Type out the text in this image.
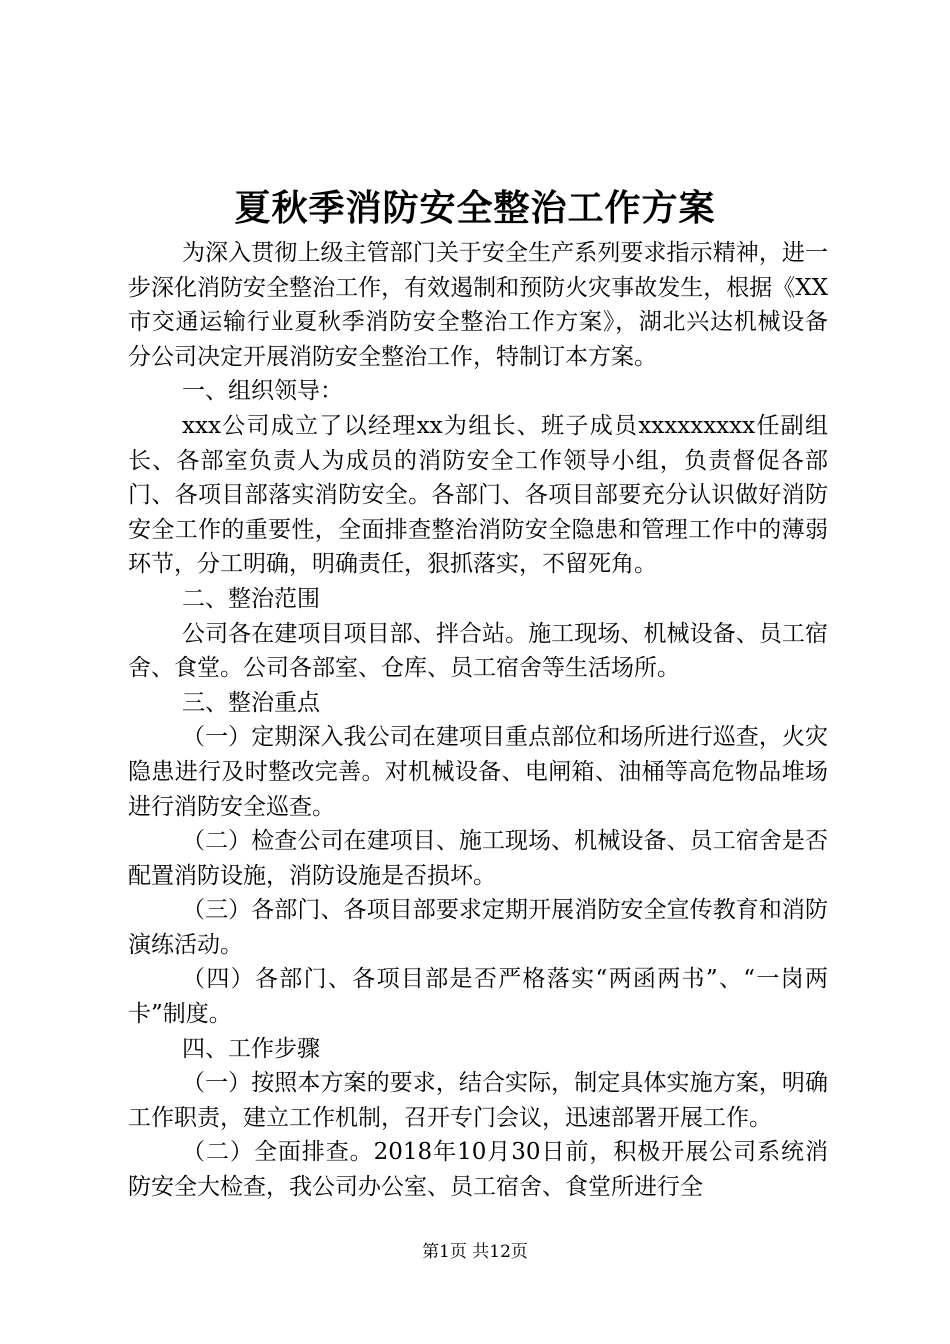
夏秋季消防安全整治工作方案

为深入贯彻上级主管部门关于安全生产系列要求指示精神，进一步深化消防安全整治工作，有效遏制和预防火灾事故发生，根据《XX市交通运输行业夏秋季消防安全整治工作方案》，湖北兴达机械设备分公司决定开展消防安全整治工作，特制订本方案。

一、组织领导：

xxx公司成立了以经理xx为组长、班子成员xxxxxxxxx任副组长、各部室负责人为成员的消防安全工作领导小组，负责督促各部门、各项目部落实消防安全。各部门、各项目部要充分认识做好消防安全工作的重要性，全面排查整治消防安全隐患和管理工作中的薄弱环节，分工明确，明确责任，狠抓落实，不留死角。

二、整治范围

公司各在建项目项目部、拌合站。施工现场、机械设备、员工宿舍、食堂。公司各部室、仓库、员工宿舍等生活场所。

三、整治重点

（一）定期深入我公司在建项目重点部位和场所进行巡查，火灾隐患进行及时整改完善。对机械设备、电闸箱、油桶等高危物品堆场进行消防安全巡查。

（二）检查公司在建项目、施工现场、机械设备、员工宿舍是否配置消防设施，消防设施是否损坏。

（三）各部门、各项目部要求定期开展消防安全宣传教育和消防演练活动。

（四）各部门、各项目部是否严格落实“两函两书”、“一岗两卡”制度。

四、工作步骤

（一）按照本方案的要求，结合实际，制定具体实施方案，明确工作职责，建立工作机制，召开专门会议，迅速部署开展工作。

（二）全面排查。2018年10月30日前，积极开展公司系统消防安全大检查，我公司办公室、员工宿舍、食堂所进行全

第1页 共12页
